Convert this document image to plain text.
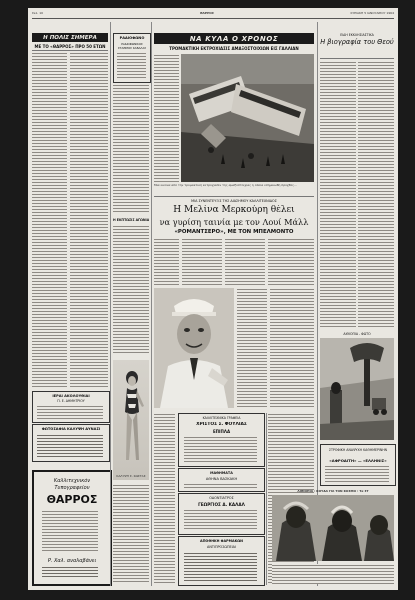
Σελ. 10	ΘΑΡΡΟΣ	ΚΥΡΙΑΚΗ 5 ΙΑΝΟΥΑΡΙΟΥ 1964
Η ΠΟΛΙΣ ΣΗΜΕΡΑ
ΜΕ ΤΟ «ΘΑΡΡΟΣ» ΠΡΟ 50 ΕΤΩΝ
ΙΕΡΑΙ ΑΚΟΛΟΥΘΙΑΙ
Π. Ε. ΔΗΜΗΤΡΙΟΥ
ΦΩΤΟΣΑΦΙΑ ΚΑΛΥΨΗ ΔΥΝΑΣΙ
Καλλιτεχνικόν
Τυπογραφείον
ΘΑΡΡΟΣ
Ρ. Χαλ. αναλαβάνει
ΡΑΔΙΟΦΩΝΟ
ΡΑΔΙΟΦΩΝΙΚΟΣ ΣΤΑΘΜΟΣ ΚΑΒΑΛΑΣ
Η ΕΚΠΤΩΣΙΣ ΑΓΩΝΙΑ
ΚΑΛΥΨΗ Σ. ΚΩΣΤΑΣ
ΝΑ ΚΥΛΑ Ο ΧΡΟΝΟΣ
ΤΡΟΜΑΚΤΙΚΗ ΕΚΤΡΟΧΙΑΣΙΣ ΑΜΑΞΟΣΤΟΙΧΙΩΝ ΕΙΣ ΓΑΛΛΙΑΝ
Μία εικόνα από την τρομακτική εκτροχίασιν της αμαξοστοιχίας η οποία εσημειώθη προχθές...
ΜΙΑ ΣΥΝΕΝΤΕΥΞΙΣ ΤΗΣ ΔΙΑΣΗΜΟΥ ΚΑΛΛΙΤΕΧΝΙΔΟΣ
Η Μελίνα Μερκούρη θέλει
να γυρίση ταινία με τον Λουί Μάλλ
«ΡΟΜΑΝΤΣΕΡΟ», ΜΕ ΤΟΝ ΜΠΕΛΜΟΝΤΟ
ΚΑΛΛΙΤΕΧΝΙΚΑ ΓΡΑΦΕΙΑ
ΧΡΙΣΤΟΣ Σ. ΦΟΥΛΙΑΣ
ΕΠΙΠΛΑ
ΜΑΘΗΜΑΤΑ
ΑΘΗΝΑ ΒΑΣΚΑΚΗ
ΟΔΟΝΤΙΑΤΡΟΣ
ΓΕΩΡΓΙΟΣ Δ. ΚΑΛΑΛ
ΑΠΟΘΗΚΗ ΦΑΡΜΑΚΩΝ
ΑΝΤΙΠΡΟΣΩΠΕΙΑΙ
ΕΙΔΗ ΕΚΚΛΗΣΙΑΣΤΙΚΑ
Η βιογραφία του Θεού
ΑΙΘΙΟΠΙΑ - ΦΩΤΟ
ΣΤΡΟΦΙΚΗ ΑΝΑΨΥΧΗ ΚΑΘΗΜΕΡΙΝΗΝ
«ΑΦΡΟΔΙΤΗ» — «ΕΛΛΗΝΙΣ»
ΑΙΘΙΟΠΙΑ : ΚΟΥΔΑ ΓΙΑ ΤΟΝ ΚΟΣΜΟ : Τα ΣΤ
